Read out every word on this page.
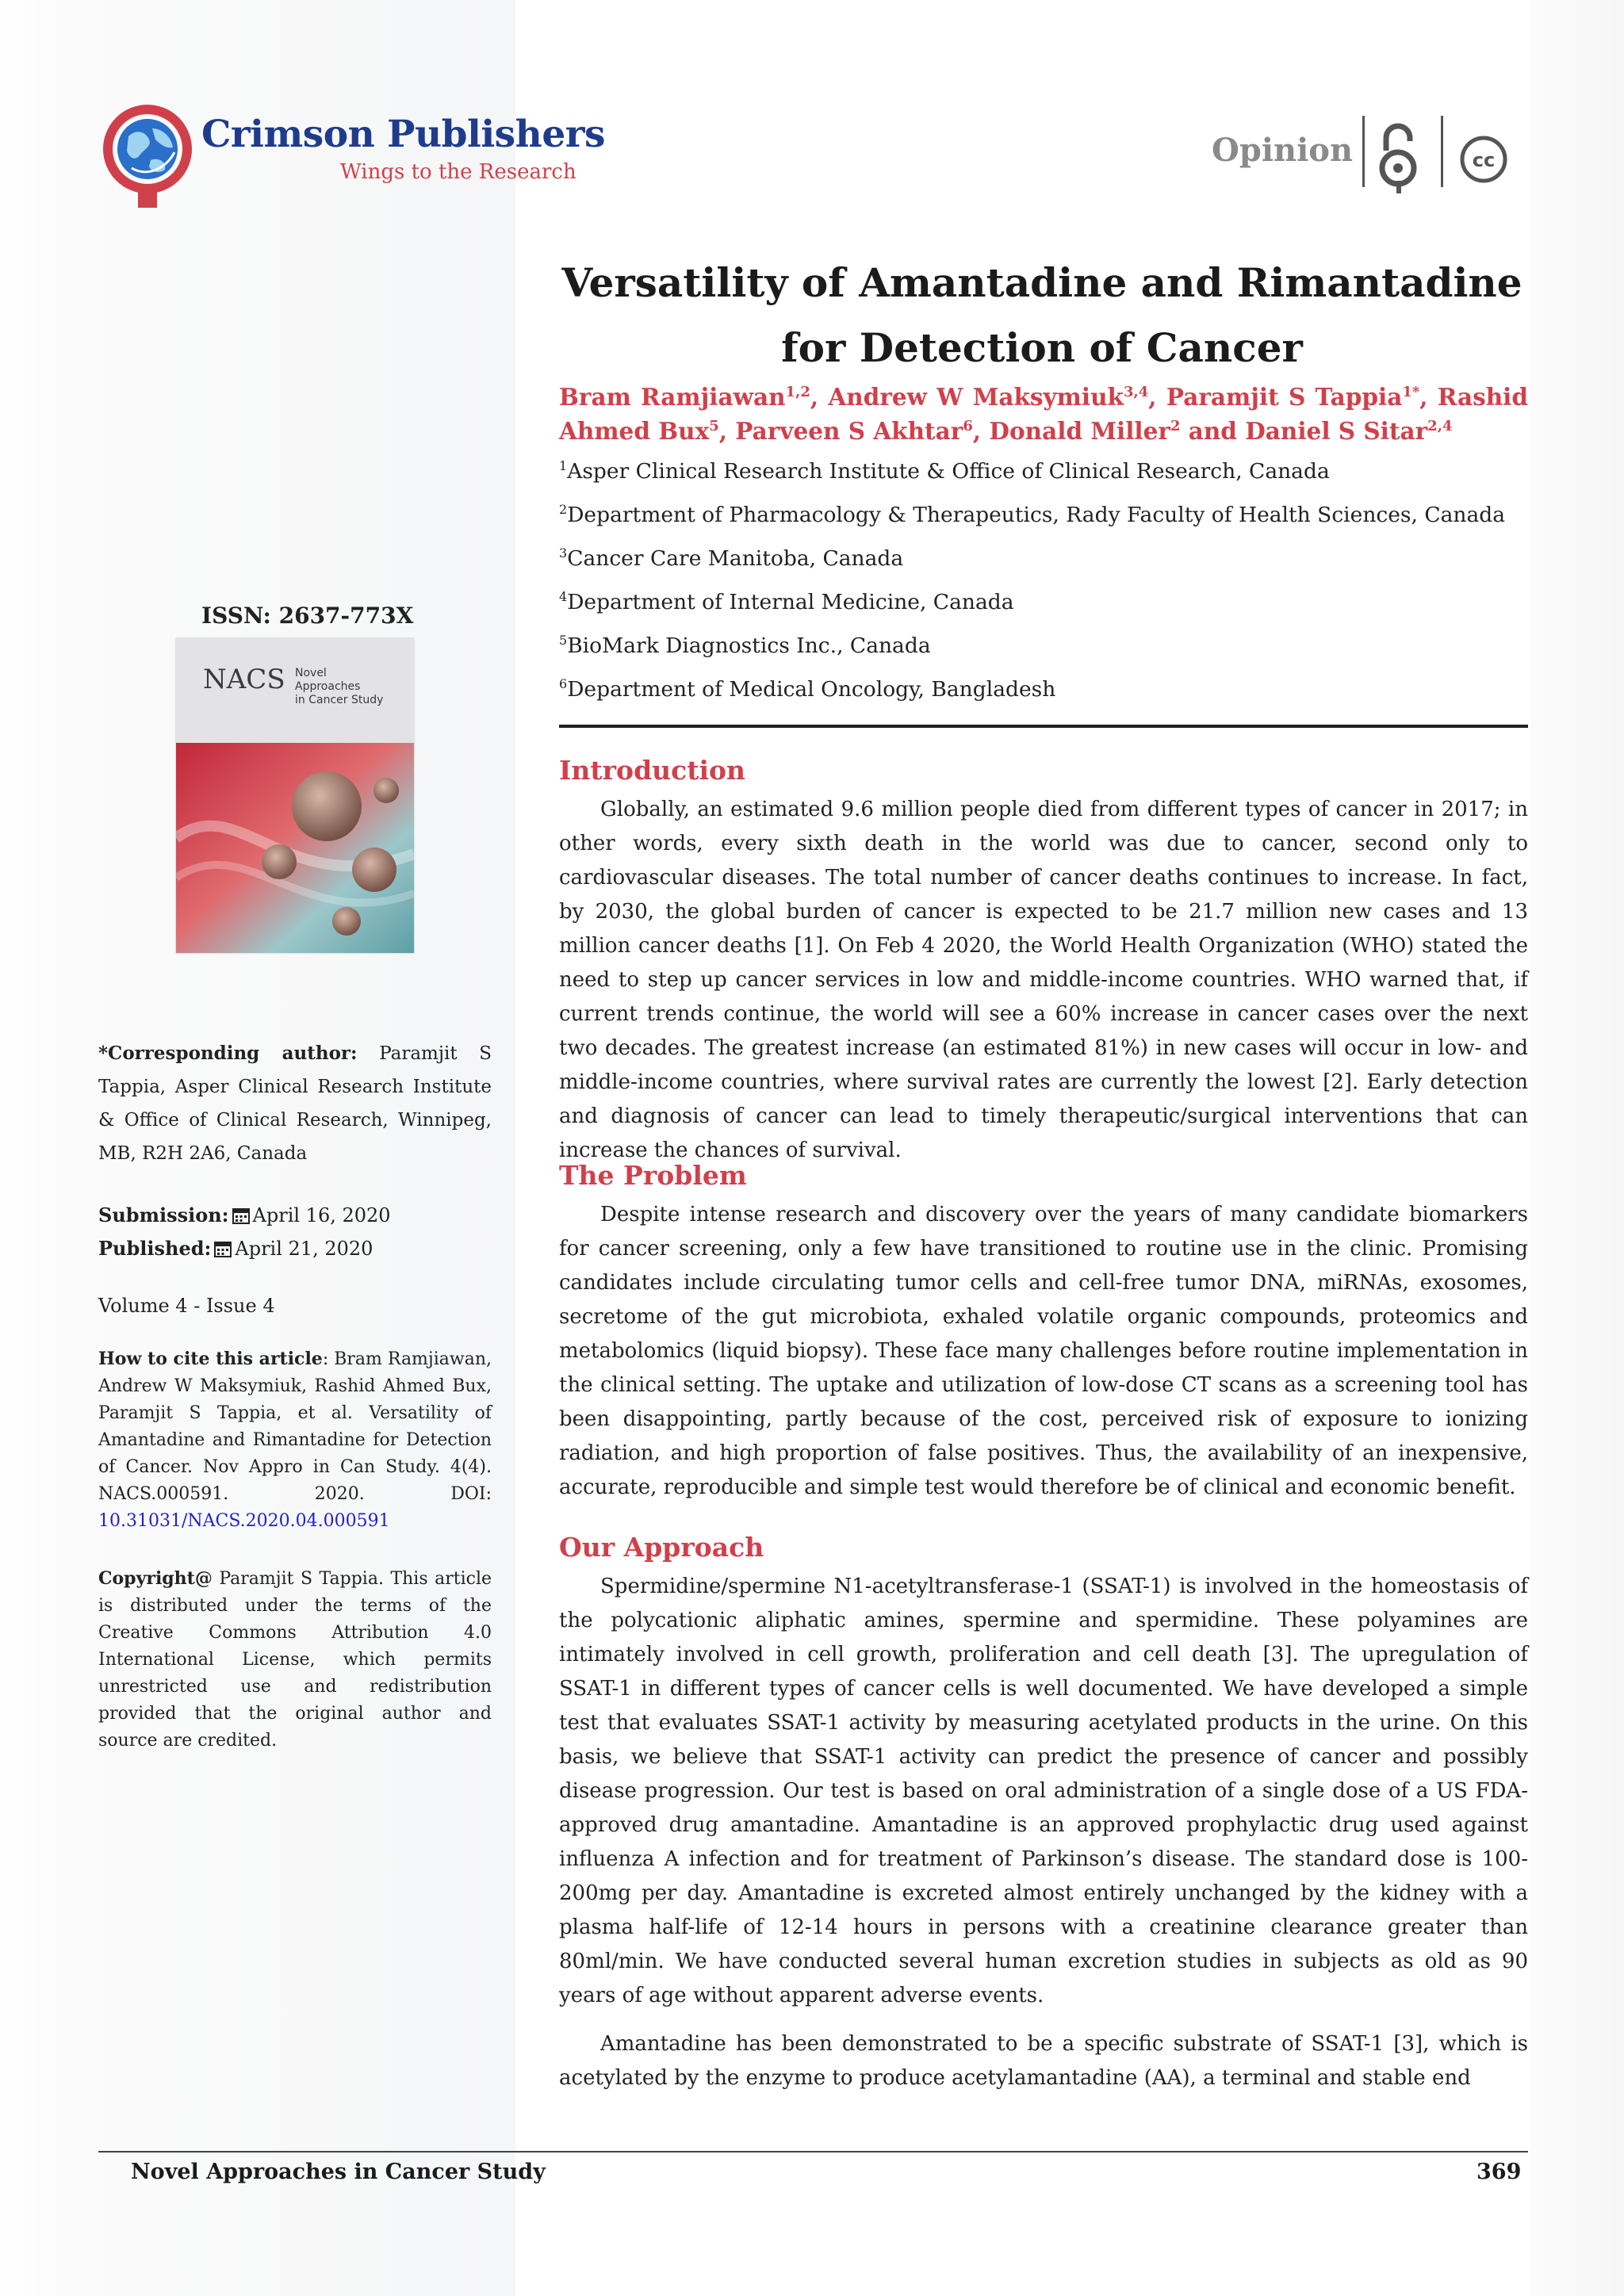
Crimson Publishers
Wings to the Research
Opinion	cc
Versatility of Amantadine and Rimantadine
for Detection of Cancer

Bram Ramjiawan$^{1,2}$, Andrew W Maksymiuk$^{3,4}$, Paramjit S Tappia$^{1*}$, Rashid Ahmed Bux$^5$, Parveen S Akhtar$^6$, Donald Miller$^2$ and Daniel S Sitar$^{2,4}$

$^1$Asper Clinical Research Institute & Office of Clinical Research, Canada
$^2$Department of Pharmacology & Therapeutics, Rady Faculty of Health Sciences, Canada
$^3$Cancer Care Manitoba, Canada
$^4$Department of Internal Medicine, Canada
$^5$BioMark Diagnostics Inc., Canada
$^6$Department of Medical Oncology, Bangladesh
Introduction

Globally, an estimated 9.6 million people died from different types of cancer in 2017; in other words, every sixth death in the world was due to cancer, second only to cardiovascular diseases. The total number of cancer deaths continues to increase. In fact, by 2030, the global burden of cancer is expected to be 21.7 million new cases and 13 million cancer deaths [1]. On Feb 4 2020, the World Health Organization (WHO) stated the need to step up cancer services in low and middle-income countries. WHO warned that, if current trends continue, the world will see a 60% increase in cancer cases over the next two decades. The greatest increase (an estimated 81%) in new cases will occur in low- and middle-income countries, where survival rates are currently the lowest [2]. Early detection and diagnosis of cancer can lead to timely therapeutic/surgical interventions that can increase the chances of survival.

The Problem

Despite intense research and discovery over the years of many candidate biomarkers for cancer screening, only a few have transitioned to routine use in the clinic. Promising candidates include circulating tumor cells and cell-free tumor DNA, miRNAs, exosomes, secretome of the gut microbiota, exhaled volatile organic compounds, proteomics and metabolomics (liquid biopsy). These face many challenges before routine implementation in the clinical setting. The uptake and utilization of low-dose CT scans as a screening tool has been disappointing, partly because of the cost, perceived risk of exposure to ionizing radiation, and high proportion of false positives. Thus, the availability of an inexpensive, accurate, reproducible and simple test would therefore be of clinical and economic benefit.

Our Approach

Spermidine/spermine N1-acetyltransferase-1 (SSAT-1) is involved in the homeostasis of the polycationic aliphatic amines, spermine and spermidine. These polyamines are intimately involved in cell growth, proliferation and cell death [3]. The upregulation of SSAT-1 in different types of cancer cells is well documented. We have developed a simple test that evaluates SSAT-1 activity by measuring acetylated products in the urine. On this basis, we believe that SSAT-1 activity can predict the presence of cancer and possibly disease progression. Our test is based on oral administration of a single dose of a US FDA-approved drug amantadine. Amantadine is an approved prophylactic drug used against influenza A infection and for treatment of Parkinson’s disease. The standard dose is 100-200mg per day. Amantadine is excreted almost entirely unchanged by the kidney with a plasma half-life of 12-14 hours in persons with a creatinine clearance greater than 80ml/min. We have conducted several human excretion studies in subjects as old as 90 years of age without apparent adverse events.

Amantadine has been demonstrated to be a specific substrate of SSAT-1 [3], which is acetylated by the enzyme to produce acetylamantadine (AA), a terminal and stable end

ISSN: 2637-773X
NACS Novel
Approaches
in Cancer Study

*Corresponding author: Paramjit S Tappia, Asper Clinical Research Institute & Office of Clinical Research, Winnipeg, MB, R2H 2A6, Canada

Submission: April 16, 2020
Published: April 21, 2020
Volume 4 - Issue 4

How to cite this article: Bram Ramjiawan, Andrew W Maksymiuk, Rashid Ahmed Bux, Paramjit S Tappia, et al. Versatility of Amantadine and Rimantadine for Detection of Cancer. Nov Appro in Can Study. 4(4). NACS.000591. 2020. DOI: 10.31031/NACS.2020.04.000591

Copyright@ Paramjit S Tappia. This article is distributed under the terms of the Creative Commons Attribution 4.0 International License, which permits unrestricted use and redistribution provided that the original author and source are credited.

Novel Approaches in Cancer Study	369
